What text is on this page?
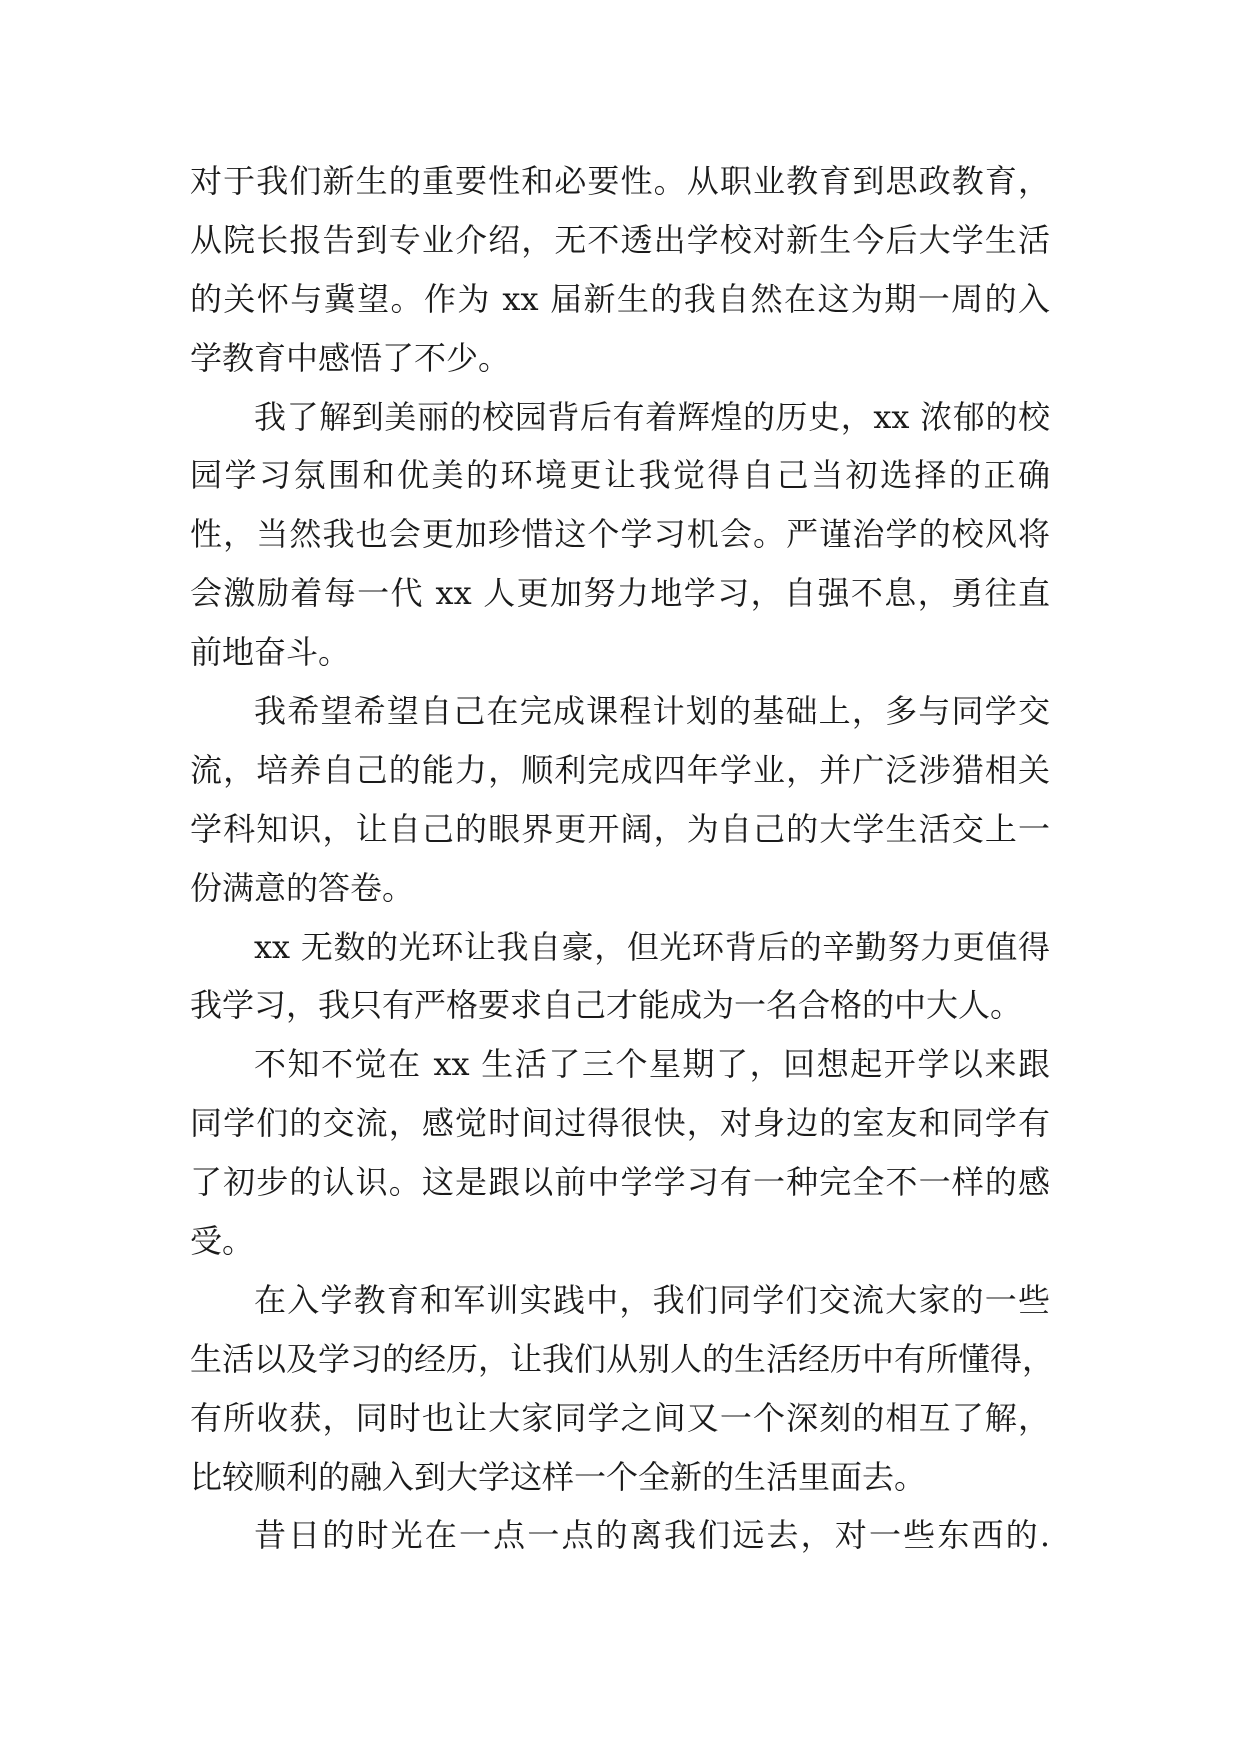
对于我们新生的重要性和必要性。从职业教育到思政教育，
从院长报告到专业介绍，无不透出学校对新生今后大学生活
的关怀与冀望。作为 xx 届新生的我自然在这为期一周的入
学教育中感悟了不少。
我了解到美丽的校园背后有着辉煌的历史，xx 浓郁的校
园学习氛围和优美的环境更让我觉得自己当初选择的正确
性，当然我也会更加珍惜这个学习机会。严谨治学的校风将
会激励着每一代 xx 人更加努力地学习，自强不息，勇往直
前地奋斗。
我希望希望自己在完成课程计划的基础上，多与同学交
流，培养自己的能力，顺利完成四年学业，并广泛涉猎相关
学科知识，让自己的眼界更开阔，为自己的大学生活交上一
份满意的答卷。
xx 无数的光环让我自豪，但光环背后的辛勤努力更值得
我学习，我只有严格要求自己才能成为一名合格的中大人。
不知不觉在 xx 生活了三个星期了，回想起开学以来跟
同学们的交流，感觉时间过得很快，对身边的室友和同学有
了初步的认识。这是跟以前中学学习有一种完全不一样的感
受。
在入学教育和军训实践中，我们同学们交流大家的一些
生活以及学习的经历，让我们从别人的生活经历中有所懂得，
有所收获，同时也让大家同学之间又一个深刻的相互了解，
比较顺利的融入到大学这样一个全新的生活里面去。
昔日的时光在一点一点的离我们远去，对一些东西的.
